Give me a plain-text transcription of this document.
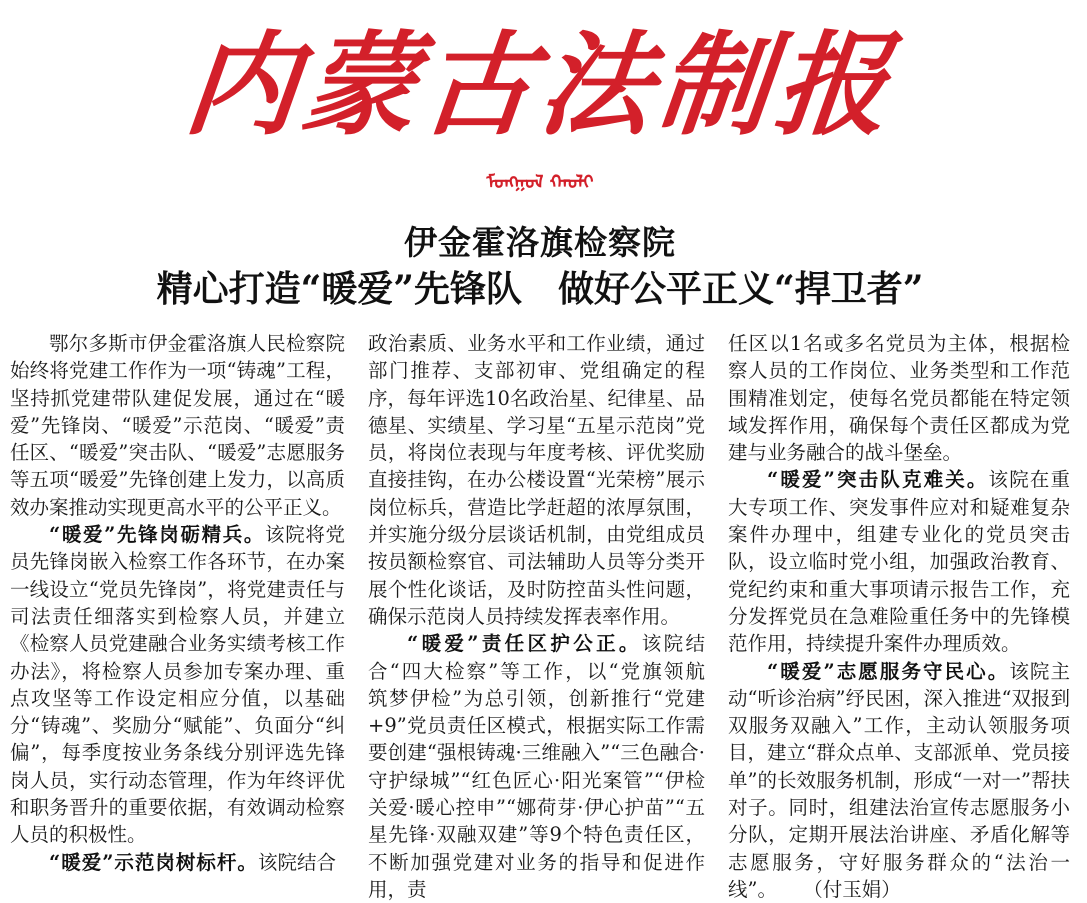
内蒙古法制报
ᠮᠣᠩᠭᠣᠯ ᠬᠠᠤᠯᠢ
伊金霍洛旗检察院
精心打造“暖爱”先锋队　做好公平正义“捍卫者”

鄂尔多斯市伊金霍洛旗人民检察院始终将党建工作作为一项“铸魂”工程，坚持抓党建带队建促发展，通过在“暖爱”先锋岗、“暖爱”示范岗、“暖爱”责任区、“暖爱”突击队、“暖爱”志愿服务等五项“暖爱”先锋创建上发力，以高质效办案推动实现更高水平的公平正义。

“暖爱”先锋岗砺精兵。该院将党员先锋岗嵌入检察工作各环节，在办案一线设立“党员先锋岗”，将党建责任与司法责任细落实到检察人员，并建立《检察人员党建融合业务实绩考核工作办法》，将检察人员参加专案办理、重点攻坚等工作设定相应分值，以基础分“铸魂”、奖励分“赋能”、负面分“纠偏”，每季度按业务条线分别评选先锋岗人员，实行动态管理，作为年终评优和职务晋升的重要依据，有效调动检察人员的积极性。

“暖爱”示范岗树标杆。该院结合

政治素质、业务水平和工作业绩，通过部门推荐、支部初审、党组确定的程序，每年评选10名政治星、纪律星、品德星、实绩星、学习星“五星示范岗”党员，将岗位表现与年度考核、评优奖励直接挂钩，在办公楼设置“光荣榜”展示岗位标兵，营造比学赶超的浓厚氛围，并实施分级分层谈话机制，由党组成员按员额检察官、司法辅助人员等分类开展个性化谈话，及时防控苗头性问题，确保示范岗人员持续发挥表率作用。

“暖爱”责任区护公正。该院结合“四大检察”等工作，以“党旗领航　筑梦伊检”为总引领，创新推行“党建+9”党员责任区模式，根据实际工作需要创建“强根铸魂·三维融入”“三色融合·守护绿城”“红色匠心·阳光案管”“伊检关爱·暖心控申”“娜荷芽·伊心护苗”“五星先锋·双融双建”等9个特色责任区，不断加强党建对业务的指导和促进作用，责

任区以1名或多名党员为主体，根据检察人员的工作岗位、业务类型和工作范围精准划定，使每名党员都能在特定领域发挥作用，确保每个责任区都成为党建与业务融合的战斗堡垒。

“暖爱”突击队克难关。该院在重大专项工作、突发事件应对和疑难复杂案件办理中，组建专业化的党员突击队，设立临时党小组，加强政治教育、党纪约束和重大事项请示报告工作，充分发挥党员在急难险重任务中的先锋模范作用，持续提升案件办理质效。

“暖爱”志愿服务守民心。该院主动“听诊治病”纾民困，深入推进“双报到双服务双融入”工作，主动认领服务项目，建立“群众点单、支部派单、党员接单”的长效服务机制，形成“一对一”帮扶对子。同时，组建法治宣传志愿服务小分队，定期开展法治讲座、矛盾化解等志愿服务，守好服务群众的“法治一线”。 （付玉娟）
